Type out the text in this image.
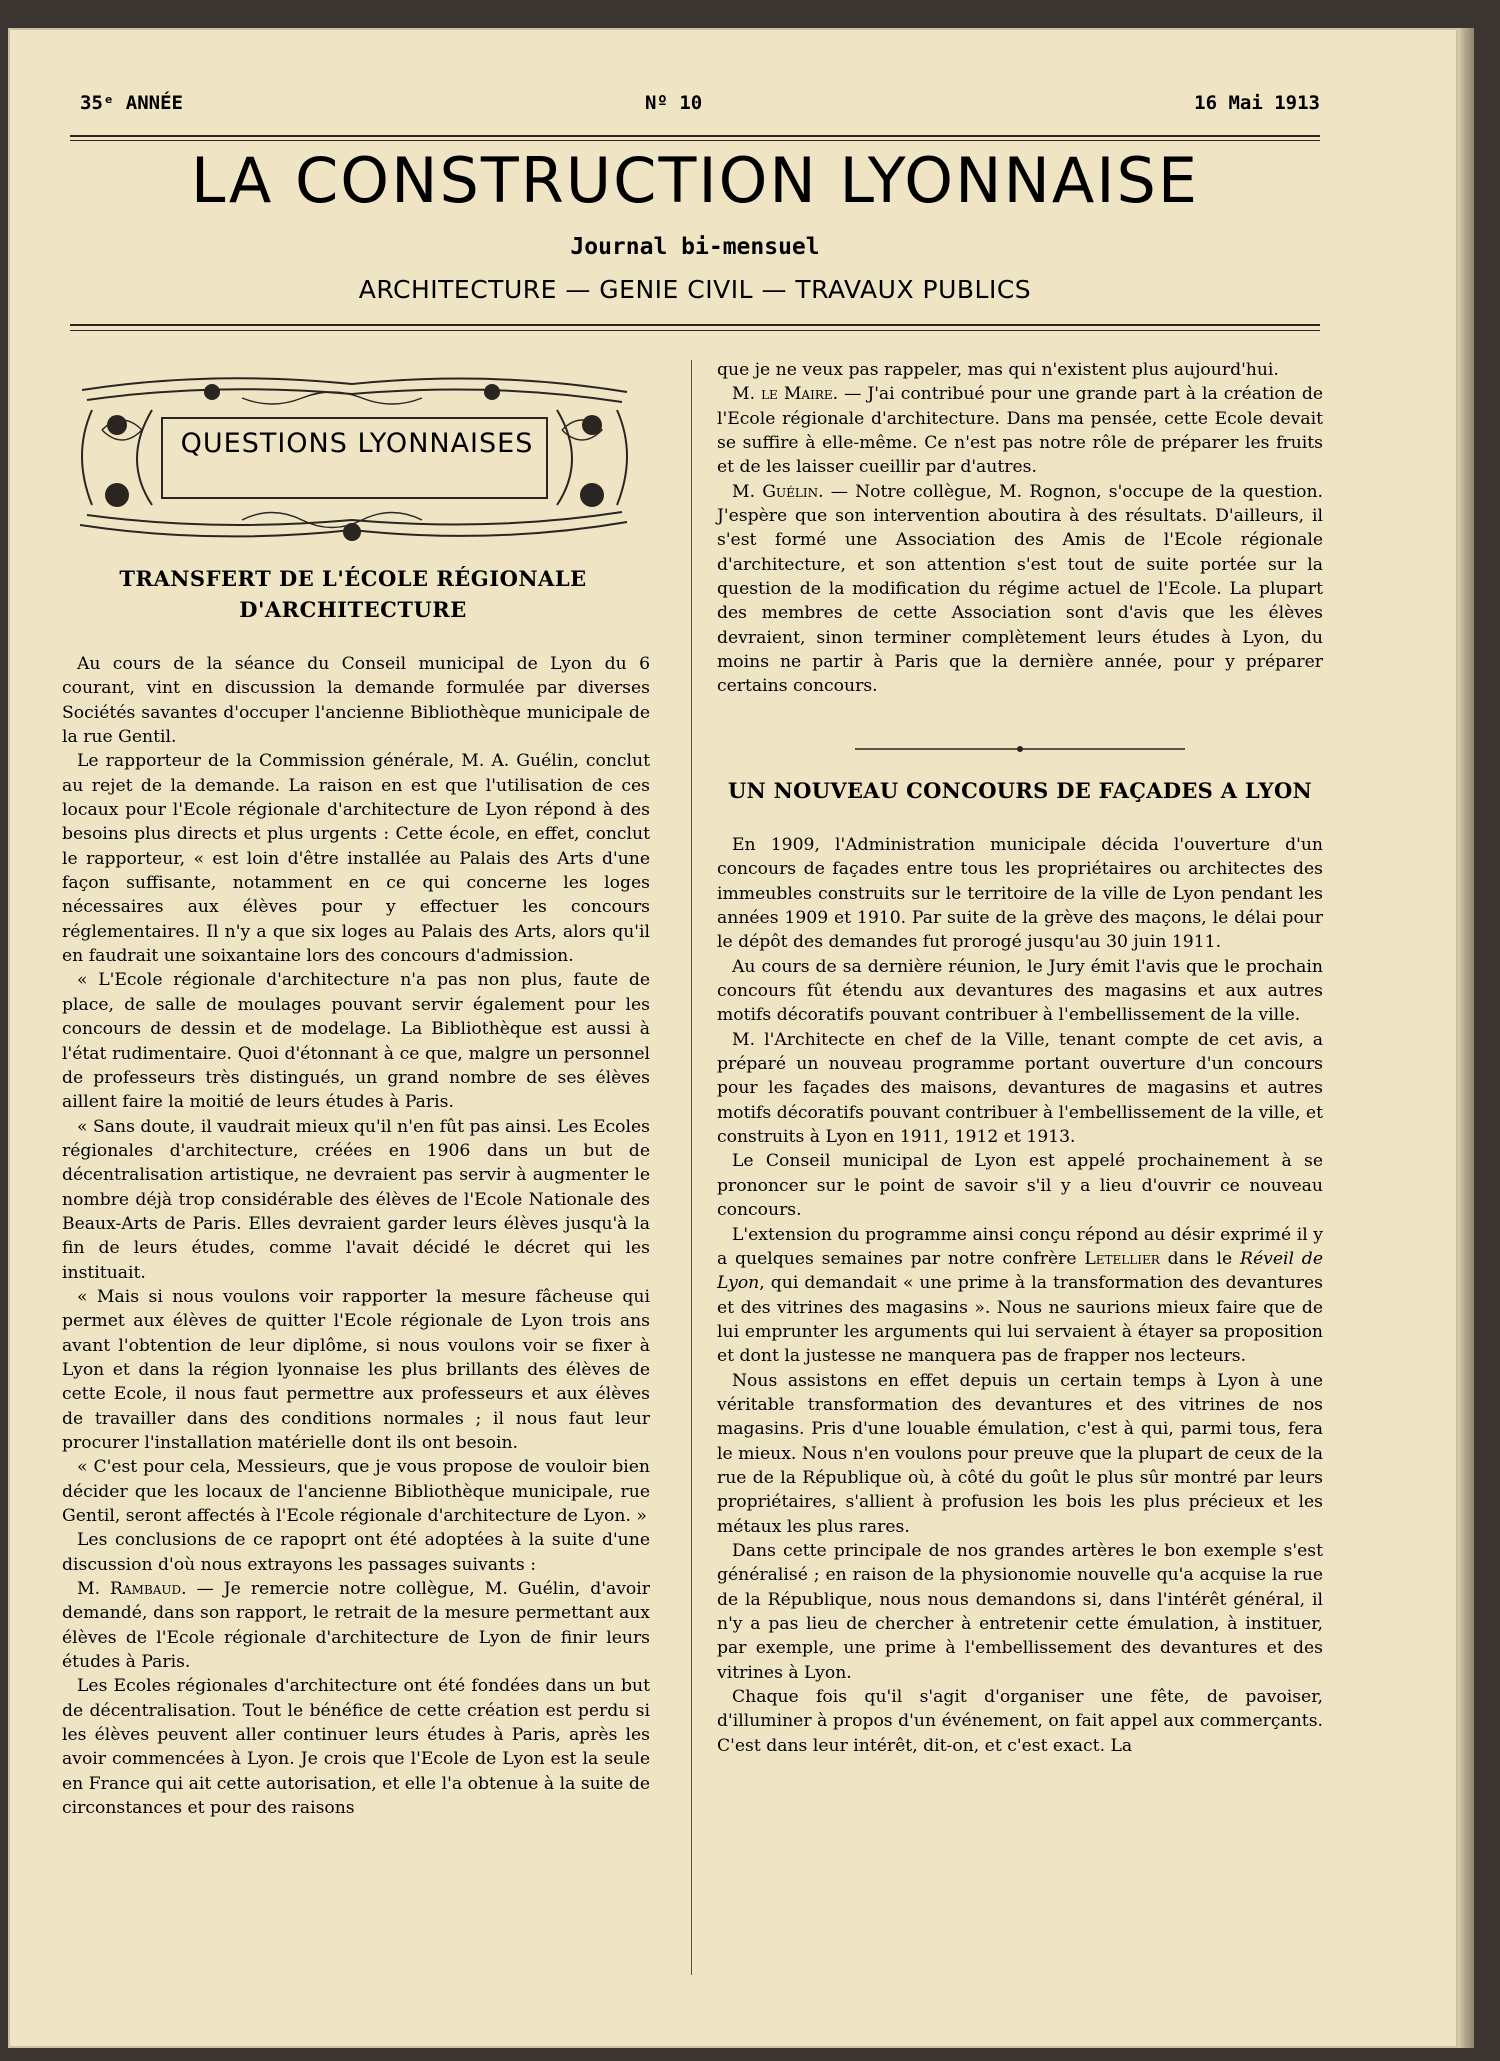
35ᵉ ANNÉE	Nº 10	16 Mai 1913
LA CONSTRUCTION LYONNAISE
Journal bi-mensuel
ARCHITECTURE — GENIE CIVIL — TRAVAUX PUBLICS
QUESTIONS LYONNAISES
TRANSFERT DE L'ÉCOLE RÉGIONALE
D'ARCHITECTURE

Au cours de la séance du Conseil municipal de Lyon du 6 courant, vint en discussion la demande formulée par diverses Sociétés savantes d'occuper l'ancienne Bibliothèque municipale de la rue Gentil.

Le rapporteur de la Commission générale, M. A. Guélin, conclut au rejet de la demande. La raison en est que l'utilisation de ces locaux pour l'Ecole régionale d'architecture de Lyon répond à des besoins plus directs et plus urgents : Cette école, en effet, conclut le rapporteur, « est loin d'être installée au Palais des Arts d'une façon suffisante, notamment en ce qui concerne les loges nécessaires aux élèves pour y effectuer les concours réglementaires. Il n'y a que six loges au Palais des Arts, alors qu'il en faudrait une soixantaine lors des concours d'admission.

« L'Ecole régionale d'architecture n'a pas non plus, faute de place, de salle de moulages pouvant servir également pour les concours de dessin et de modelage. La Bibliothèque est aussi à l'état rudimentaire. Quoi d'étonnant à ce que, malgre un personnel de professeurs très distingués, un grand nombre de ses élèves aillent faire la moitié de leurs études à Paris.

« Sans doute, il vaudrait mieux qu'il n'en fût pas ainsi. Les Ecoles régionales d'architecture, créées en 1906 dans un but de décentralisation artistique, ne devraient pas servir à augmenter le nombre déjà trop considérable des élèves de l'Ecole Nationale des Beaux-Arts de Paris. Elles devraient garder leurs élèves jusqu'à la fin de leurs études, comme l'avait décidé le décret qui les instituait.

« Mais si nous voulons voir rapporter la mesure fâcheuse qui permet aux élèves de quitter l'Ecole régionale de Lyon trois ans avant l'obtention de leur diplôme, si nous voulons voir se fixer à Lyon et dans la région lyonnaise les plus brillants des élèves de cette Ecole, il nous faut permettre aux professeurs et aux élèves de travailler dans des conditions normales ; il nous faut leur procurer l'installation matérielle dont ils ont besoin.

« C'est pour cela, Messieurs, que je vous propose de vouloir bien décider que les locaux de l'ancienne Bibliothèque municipale, rue Gentil, seront affectés à l'Ecole régionale d'architecture de Lyon. »

Les conclusions de ce rapoprt ont été adoptées à la suite d'une discussion d'où nous extrayons les passages suivants :

M. Rambaud. — Je remercie notre collègue, M. Guélin, d'avoir demandé, dans son rapport, le retrait de la mesure permettant aux élèves de l'Ecole régionale d'architecture de Lyon de finir leurs études à Paris.

Les Ecoles régionales d'architecture ont été fondées dans un but de décentralisation. Tout le bénéfice de cette création est perdu si les élèves peuvent aller continuer leurs études à Paris, après les avoir commencées à Lyon. Je crois que l'Ecole de Lyon est la seule en France qui ait cette autorisation, et elle l'a obtenue à la suite de circonstances et pour des raisons

que je ne veux pas rappeler, mas qui n'existent plus aujourd'hui.

M. le Maire. — J'ai contribué pour une grande part à la création de l'Ecole régionale d'architecture. Dans ma pensée, cette Ecole devait se suffire à elle-même. Ce n'est pas notre rôle de préparer les fruits et de les laisser cueillir par d'autres.

M. Guélin. — Notre collègue, M. Rognon, s'occupe de la question. J'espère que son intervention aboutira à des résultats. D'ailleurs, il s'est formé une Association des Amis de l'Ecole régionale d'architecture, et son attention s'est tout de suite portée sur la question de la modification du régime actuel de l'Ecole. La plupart des membres de cette Association sont d'avis que les élèves devraient, sinon terminer complètement leurs études à Lyon, du moins ne partir à Paris que la dernière année, pour y préparer certains concours.

UN NOUVEAU CONCOURS DE FAÇADES A LYON

En 1909, l'Administration municipale décida l'ouverture d'un concours de façades entre tous les propriétaires ou architectes des immeubles construits sur le territoire de la ville de Lyon pendant les années 1909 et 1910. Par suite de la grève des maçons, le délai pour le dépôt des demandes fut prorogé jusqu'au 30 juin 1911.

Au cours de sa dernière réunion, le Jury émit l'avis que le prochain concours fût étendu aux devantures des magasins et aux autres motifs décoratifs pouvant contribuer à l'embellissement de la ville.

M. l'Architecte en chef de la Ville, tenant compte de cet avis, a préparé un nouveau programme portant ouverture d'un concours pour les façades des maisons, devantures de magasins et autres motifs décoratifs pouvant contribuer à l'embellissement de la ville, et construits à Lyon en 1911, 1912 et 1913.

Le Conseil municipal de Lyon est appelé prochainement à se prononcer sur le point de savoir s'il y a lieu d'ouvrir ce nouveau concours.

L'extension du programme ainsi conçu répond au désir exprimé il y a quelques semaines par notre confrère Letellier dans le Réveil de Lyon, qui demandait « une prime à la transformation des devantures et des vitrines des magasins ». Nous ne saurions mieux faire que de lui emprunter les arguments qui lui servaient à étayer sa proposition et dont la justesse ne manquera pas de frapper nos lecteurs.

Nous assistons en effet depuis un certain temps à Lyon à une véritable transformation des devantures et des vitrines de nos magasins. Pris d'une louable émulation, c'est à qui, parmi tous, fera le mieux. Nous n'en voulons pour preuve que la plupart de ceux de la rue de la République où, à côté du goût le plus sûr montré par leurs propriétaires, s'allient à profusion les bois les plus précieux et les métaux les plus rares.

Dans cette principale de nos grandes artères le bon exemple s'est généralisé ; en raison de la physionomie nouvelle qu'a acquise la rue de la République, nous nous demandons si, dans l'intérêt général, il n'y a pas lieu de chercher à entretenir cette émulation, à instituer, par exemple, une prime à l'embellissement des devantures et des vitrines à Lyon.

Chaque fois qu'il s'agit d'organiser une fête, de pavoiser, d'illuminer à propos d'un événement, on fait appel aux commerçants. C'est dans leur intérêt, dit-on, et c'est exact. La
